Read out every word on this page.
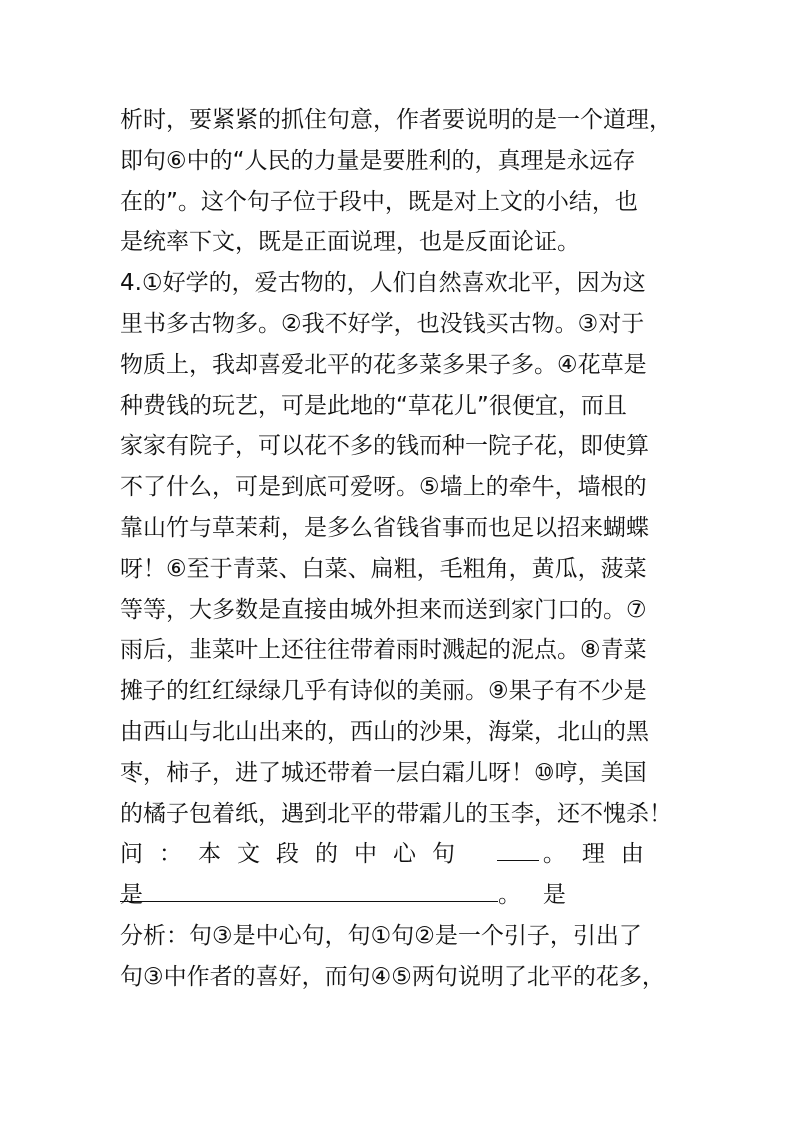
析时，要紧紧的抓住句意，作者要说明的是一个道理，
即句⑥中的“人民的力量是要胜利的，真理是永远存
在的”。这个句子位于段中，既是对上文的小结，也
是统率下文，既是正面说理，也是反面论证。
4.①好学的，爱古物的，人们自然喜欢北平，因为这
里书多古物多。②我不好学，也没钱买古物。③对于
物质上，我却喜爱北平的花多菜多果子多。④花草是
种费钱的玩艺，可是此地的“草花儿”很便宜，而且
家家有院子，可以花不多的钱而种一院子花，即使算
不了什么，可是到底可爱呀。⑤墙上的牵牛，墙根的
靠山竹与草茉莉，是多么省钱省事而也足以招来蝴蝶
呀！⑥至于青菜、白菜、扁粗，毛粗角，黄瓜，菠菜
等等，大多数是直接由城外担来而送到家门口的。⑦
雨后，韭菜叶上还往往带着雨时溅起的泥点。⑧青菜
摊子的红红绿绿几乎有诗似的美丽。⑨果子有不少是
由西山与北山出来的，西山的沙果，海棠，北山的黑
枣，柿子，进了城还带着一层白霜儿呀！⑩哼，美国
的橘子包着纸，遇到北平的带霜儿的玉李，还不愧杀！
问：本文段的中心句是
。理由是
。
分析：句③是中心句，句①句②是一个引子，引出了
句③中作者的喜好，而句④⑤两句说明了北平的花多，
